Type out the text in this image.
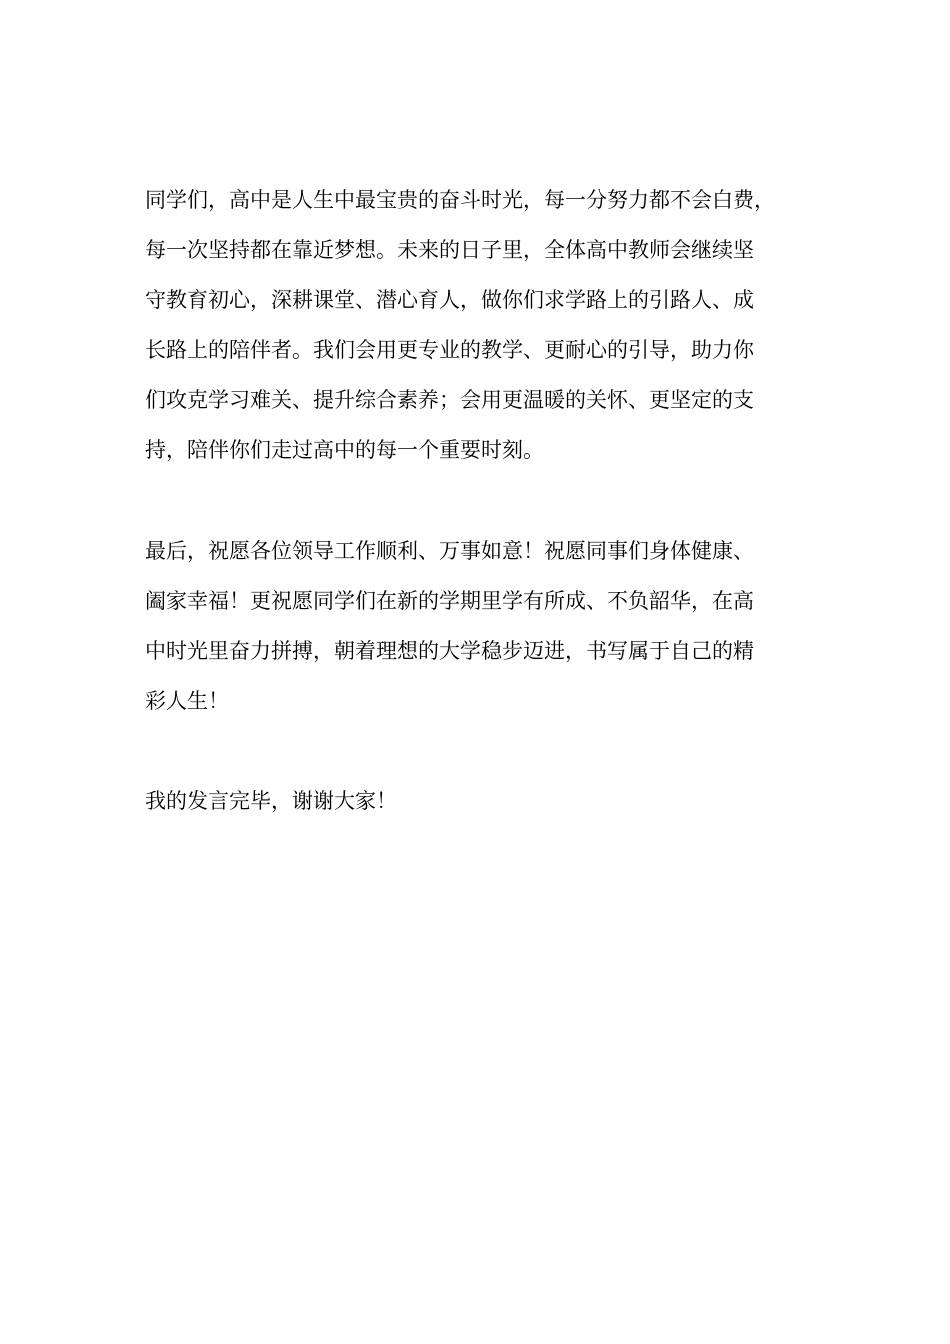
同学们，高中是人生中最宝贵的奋斗时光，每一分努力都不会白费，
每一次坚持都在靠近梦想。未来的日子里，全体高中教师会继续坚
守教育初心，深耕课堂、潜心育人，做你们求学路上的引路人、成
长路上的陪伴者。我们会用更专业的教学、更耐心的引导，助力你
们攻克学习难关、提升综合素养；会用更温暖的关怀、更坚定的支
持，陪伴你们走过高中的每一个重要时刻。

最后，祝愿各位领导工作顺利、万事如意！祝愿同事们身体健康、
阖家幸福！更祝愿同学们在新的学期里学有所成、不负韶华，在高
中时光里奋力拼搏，朝着理想的大学稳步迈进，书写属于自己的精
彩人生！

我的发言完毕，谢谢大家！
